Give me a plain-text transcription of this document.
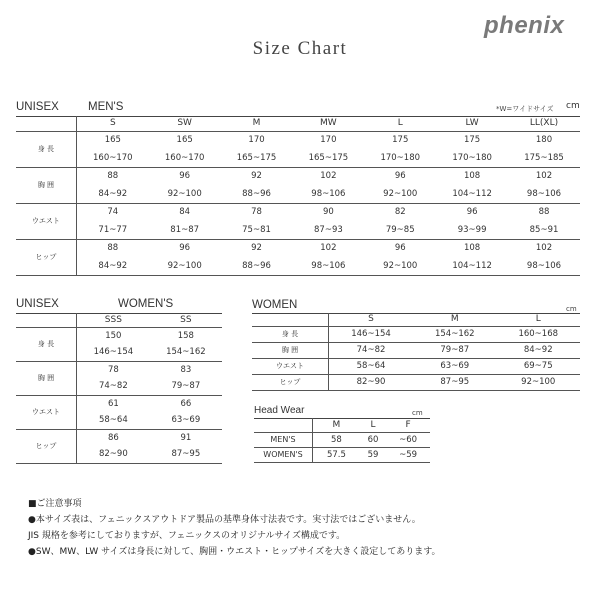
phenix
Size Chart
UNISEX	MEN'S	*W=ワイドサイズ cm
	S	SW	M	MW	L	LW	LL(XL)
身 長	165	165	170	170	175	175	180
	160~170	160~170	165~175	165~175	170~180	170~180	175~185
胸 囲	88	96	92	102	96	108	102
	84~92	92~100	88~96	98~106	92~100	104~112	98~106
ウエスト	74	84	78	90	82	96	88
	71~77	81~87	75~81	87~93	79~85	93~99	85~91
ヒップ	88	96	92	102	96	108	102
	84~92	92~100	88~96	98~106	92~100	104~112	98~106
UNISEX	WOMEN'S
	SSS	SS
身 長	150	158
	146~154	154~162
胸 囲	78	83
	74~82	79~87
ウエスト	61	66
	58~64	63~69
ヒップ	86	91
	82~90	87~95
WOMEN	cm
	S	M	L
身 長	146~154	154~162	160~168
胸 囲	74~82	79~87	84~92
ウエスト	58~64	63~69	69~75
ヒップ	82~90	87~95	92~100
Head Wear	cm
	M	L	F
MEN'S	58	60	~60
WOMEN'S	57.5	59	~59
■ご注意事項
●本サイズ表は、フェニックスアウトドア製品の基準身体寸法表です。実寸法ではございません。
JIS 規格を参考にしておりますが、フェニックスのオリジナルサイズ構成です。
●SW、MW、LW サイズは身長に対して、胸囲・ウエスト・ヒップサイズを大きく設定してあります。
